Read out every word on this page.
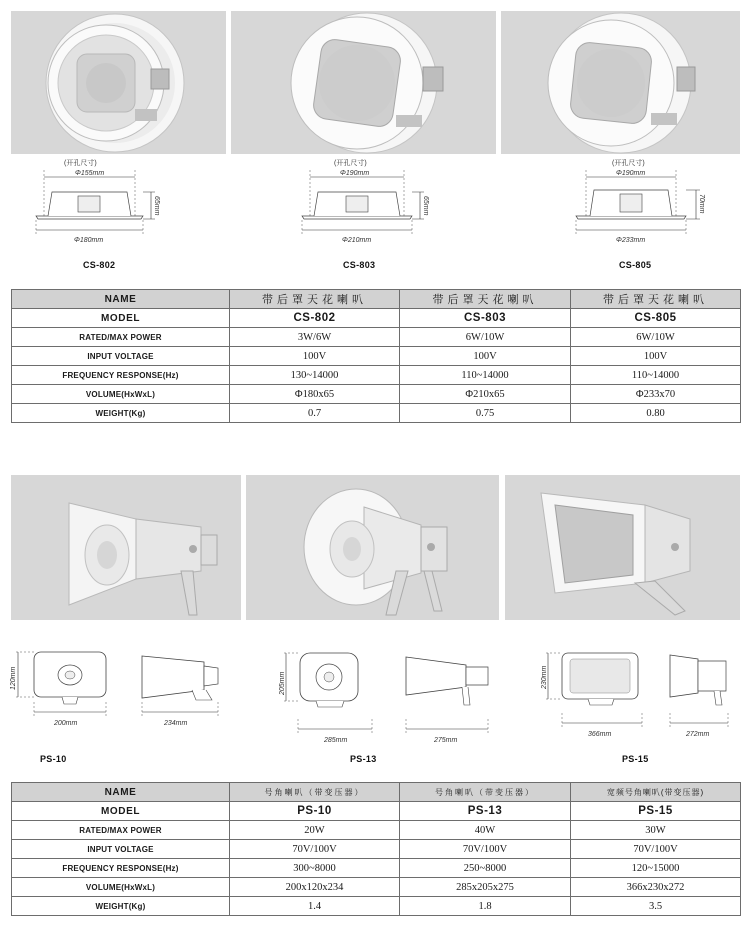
(开孔尺寸)
Φ155mm
65mm
Φ180mm
(开孔尺寸)
Φ190mm
65mm
Φ210mm
(开孔尺寸)
Φ190mm
70mm
Φ233mm
CS-802	CS-803	CS-805
NAME	带后罩天花喇叭	带后罩天花喇叭	带后罩天花喇叭
MODEL	CS-802	CS-803	CS-805
RATED/MAX POWER	3W/6W	6W/10W	6W/10W
INPUT VOLTAGE	100V	100V	100V
FREQUENCY RESPONSE(Hz)	130~14000	110~14000	110~14000
VOLUME(HxWxL)	Φ180x65	Φ210x65	Φ233x70
WEIGHT(Kg)	0.7	0.75	0.80
120mm
200mm	234mm
205mm
285mm	275mm
230mm
366mm	272mm
PS-10	PS-13	PS-15
NAME	号角喇叭（带变压器）	号角喇叭（带变压器）	宽频号角喇叭(带变压器)
MODEL	PS-10	PS-13	PS-15
RATED/MAX POWER	20W	40W	30W
INPUT VOLTAGE	70V/100V	70V/100V	70V/100V
FREQUENCY RESPONSE(Hz)	300~8000	250~8000	120~15000
VOLUME(HxWxL)	200x120x234	285x205x275	366x230x272
WEIGHT(Kg)	1.4	1.8	3.5
